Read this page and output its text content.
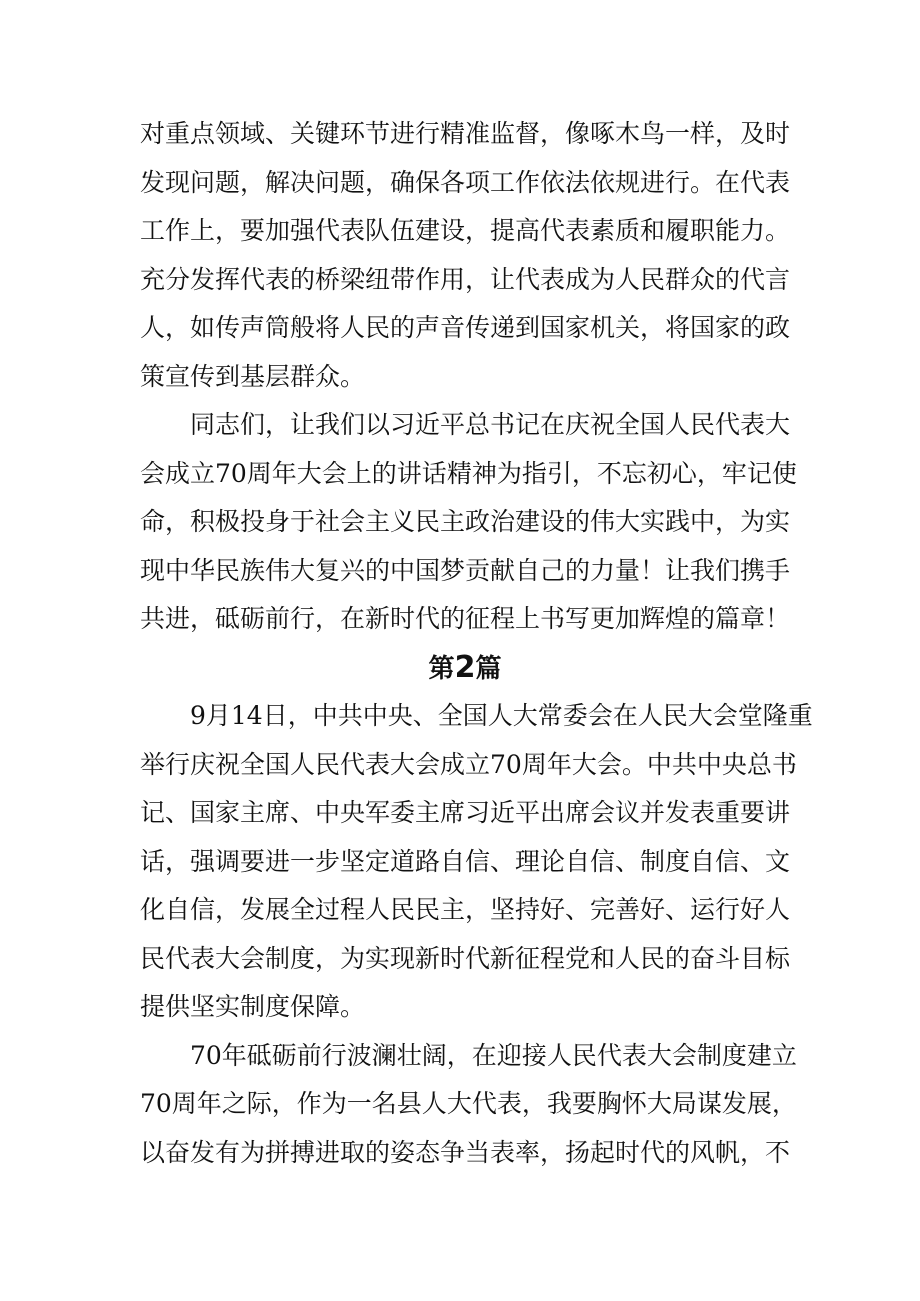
对重点领域、关键环节进行精准监督，像啄木鸟一样，及时
发现问题，解决问题，确保各项工作依法依规进行。在代表
工作上，要加强代表队伍建设，提高代表素质和履职能力。
充分发挥代表的桥梁纽带作用，让代表成为人民群众的代言
人，如传声筒般将人民的声音传递到国家机关，将国家的政
策宣传到基层群众。
同志们，让我们以习近平总书记在庆祝全国人民代表大
会成立70周年大会上的讲话精神为指引，不忘初心，牢记使
命，积极投身于社会主义民主政治建设的伟大实践中，为实
现中华民族伟大复兴的中国梦贡献自己的力量！让我们携手
共进，砥砺前行，在新时代的征程上书写更加辉煌的篇章！
第2篇
9月14日，中共中央、全国人大常委会在人民大会堂隆重
举行庆祝全国人民代表大会成立70周年大会。中共中央总书
记、国家主席、中央军委主席习近平出席会议并发表重要讲
话，强调要进一步坚定道路自信、理论自信、制度自信、文
化自信，发展全过程人民民主，坚持好、完善好、运行好人
民代表大会制度，为实现新时代新征程党和人民的奋斗目标
提供坚实制度保障。
70年砥砺前行波澜壮阔，在迎接人民代表大会制度建立
70周年之际，作为一名县人大代表，我要胸怀大局谋发展，
以奋发有为拼搏进取的姿态争当表率，扬起时代的风帆，不
